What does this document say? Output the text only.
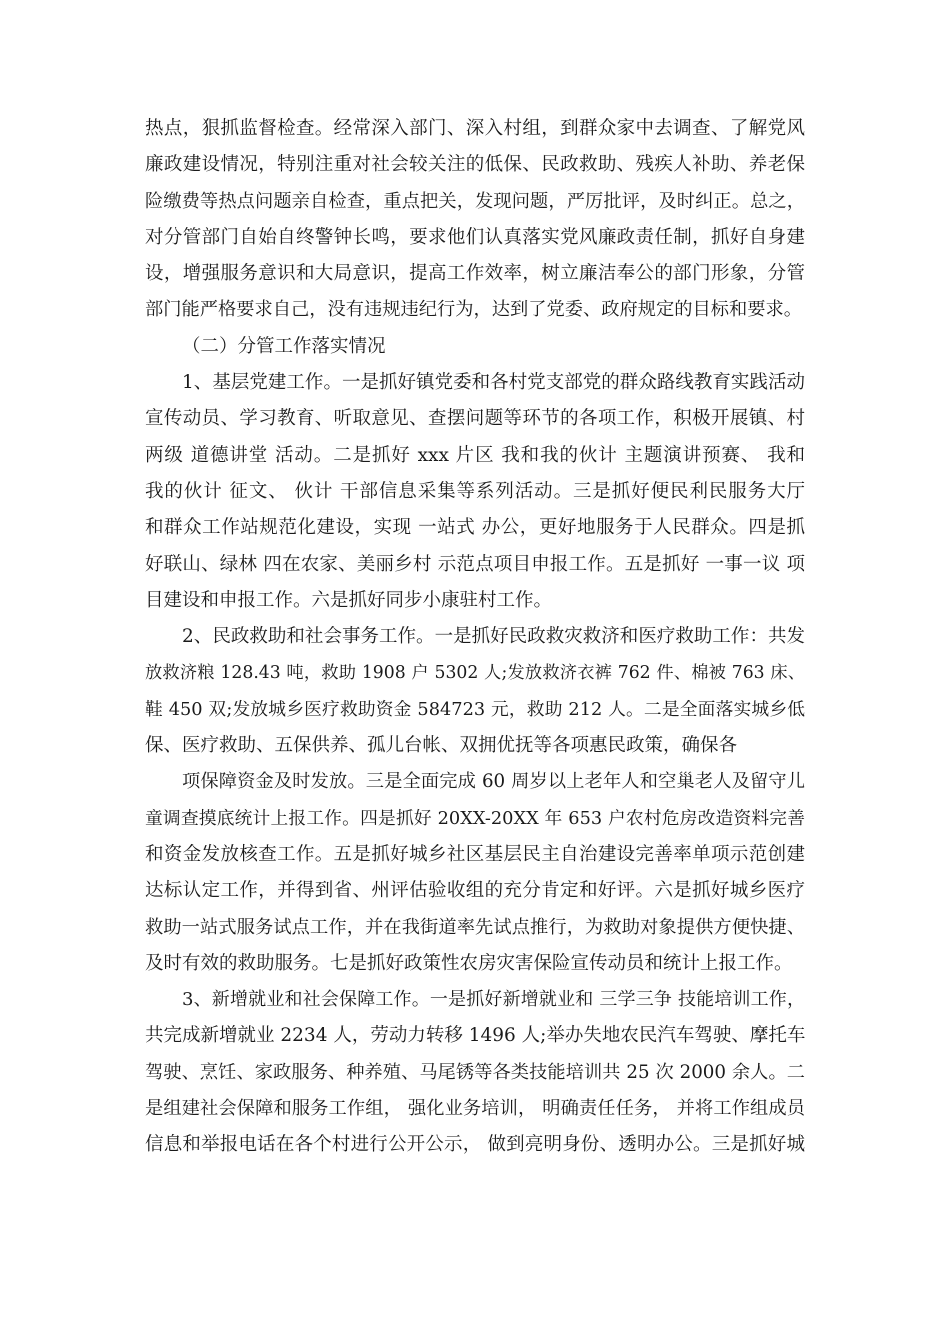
热点，狠抓监督检查。经常深入部门、深入村组，到群众家中去调查、了解党风
廉政建设情况，特别注重对社会较关注的低保、民政救助、残疾人补助、养老保
险缴费等热点问题亲自检查，重点把关，发现问题，严厉批评，及时纠正。总之，
对分管部门自始自终警钟长鸣，要求他们认真落实党风廉政责任制，抓好自身建
设，增强服务意识和大局意识，提高工作效率，树立廉洁奉公的部门形象，分管
部门能严格要求自己，没有违规违纪行为，达到了党委、政府规定的目标和要求。
（二）分管工作落实情况
1、基层党建工作。一是抓好镇党委和各村党支部党的群众路线教育实践活动
宣传动员、学习教育、听取意见、查摆问题等环节的各项工作，积极开展镇、村
两级 道德讲堂 活动。二是抓好 xxx 片区 我和我的伙计 主题演讲预赛、 我和
我的伙计 征文、 伙计 干部信息采集等系列活动。三是抓好便民利民服务大厅
和群众工作站规范化建设，实现 一站式 办公，更好地服务于人民群众。四是抓
好联山、绿林 四在农家、美丽乡村 示范点项目申报工作。五是抓好 一事一议 项
目建设和申报工作。六是抓好同步小康驻村工作。
2、民政救助和社会事务工作。一是抓好民政救灾救济和医疗救助工作：共发
放救济粮 128.43 吨，救助 1908 户 5302 人;发放救济衣裤 762 件、棉被 763 床、
鞋 450 双;发放城乡医疗救助资金 584723 元，救助 212 人。二是全面落实城乡低
保、医疗救助、五保供养、孤儿台帐、双拥优抚等各项惠民政策，确保各
项保障资金及时发放。三是全面完成 60 周岁以上老年人和空巢老人及留守儿
童调查摸底统计上报工作。四是抓好 20XX-20XX 年 653 户农村危房改造资料完善
和资金发放核查工作。五是抓好城乡社区基层民主自治建设完善率单项示范创建
达标认定工作，并得到省、州评估验收组的充分肯定和好评。六是抓好城乡医疗
救助一站式服务试点工作，并在我街道率先试点推行，为救助对象提供方便快捷、
及时有效的救助服务。七是抓好政策性农房灾害保险宣传动员和统计上报工作。
3、新增就业和社会保障工作。一是抓好新增就业和 三学三争 技能培训工作，
共完成新增就业 2234 人，劳动力转移 1496 人;举办失地农民汽车驾驶、摩托车
驾驶、烹饪、家政服务、种养殖、马尾锈等各类技能培训共 25 次 2000 余人。二
是组建社会保障和服务工作组， 强化业务培训， 明确责任任务， 并将工作组成员
信息和举报电话在各个村进行公开公示， 做到亮明身份、透明办公。三是抓好城
